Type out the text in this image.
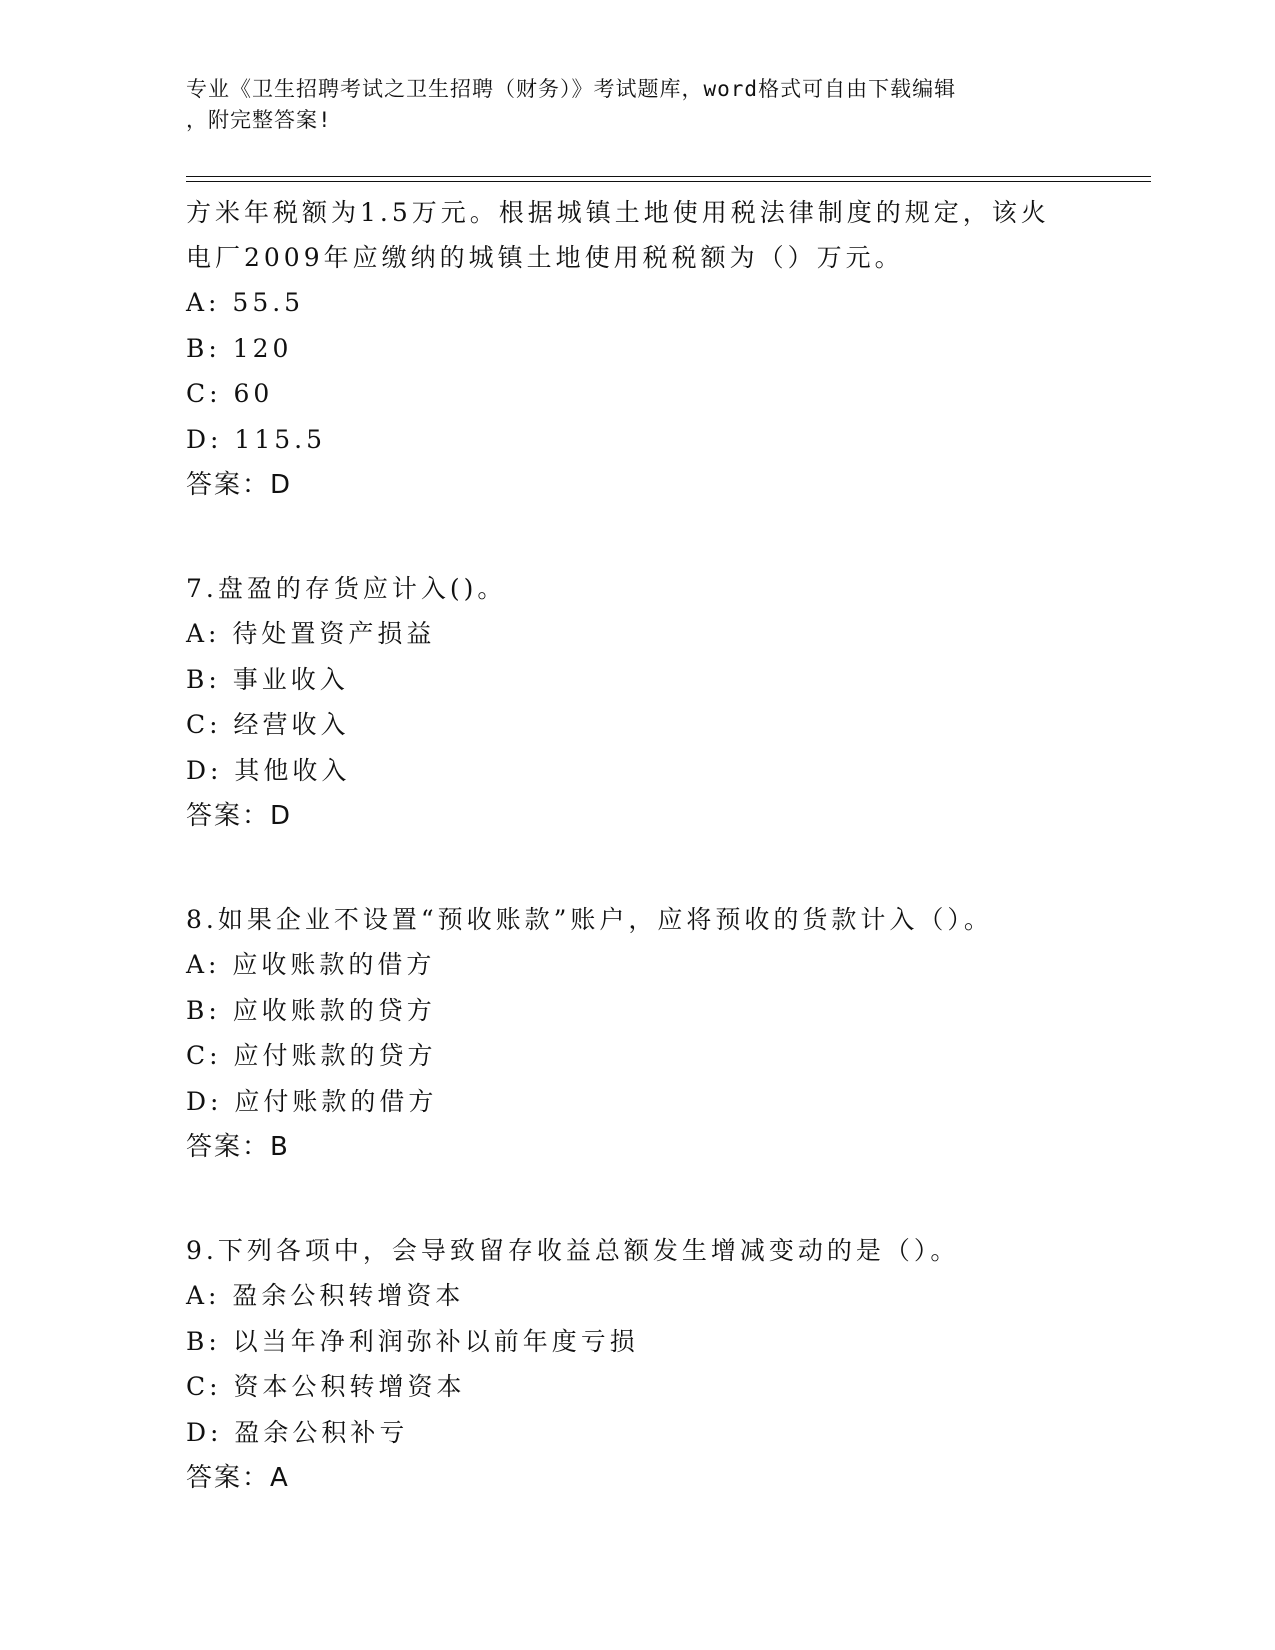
专业《卫生招聘考试之卫生招聘（财务）》考试题库，word格式可自由下载编辑
，附完整答案!
方米年税额为1.5万元。根据城镇土地使用税法律制度的规定，该火
电厂2009年应缴纳的城镇土地使用税税额为（）万元。
A: 55.5
B: 120
C: 60
D: 115.5
答案：D
7.盘盈的存货应计入()。
A: 待处置资产损益
B: 事业收入
C: 经营收入
D: 其他收入
答案：D
8.如果企业不设置“预收账款”账户，应将预收的货款计入（）。
A: 应收账款的借方
B: 应收账款的贷方
C: 应付账款的贷方
D: 应付账款的借方
答案：B
9.下列各项中，会导致留存收益总额发生增减变动的是（）。
A: 盈余公积转增资本
B: 以当年净利润弥补以前年度亏损
C: 资本公积转增资本
D: 盈余公积补亏
答案：A
